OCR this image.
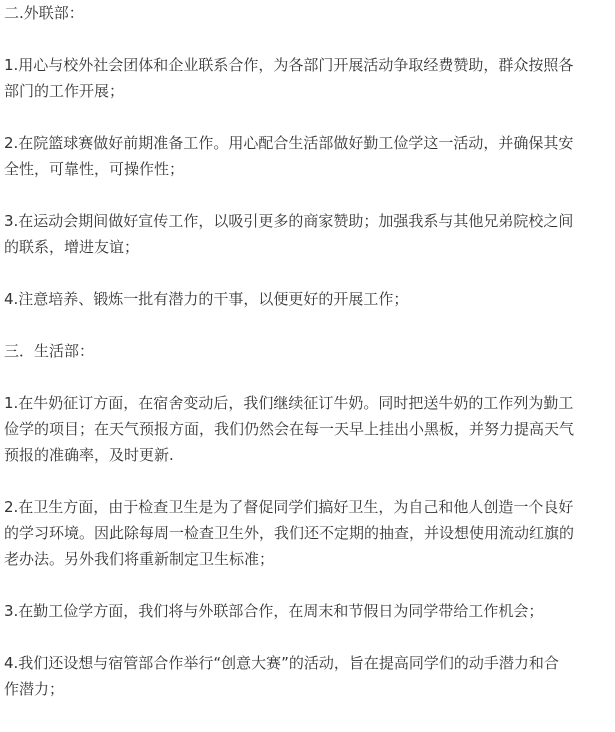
二.外联部：

1.用心与校外社会团体和企业联系合作，为各部门开展活动争取经费赞助，群众按照各

部门的工作开展；

2.在院篮球赛做好前期准备工作。用心配合生活部做好勤工俭学这一活动，并确保其安

全性，可靠性，可操作性；

3.在运动会期间做好宣传工作，以吸引更多的商家赞助；加强我系与其他兄弟院校之间

的联系，增进友谊；

4.注意培养、锻炼一批有潜力的干事，以便更好的开展工作；

三．生活部：

1.在牛奶征订方面，在宿舍变动后，我们继续征订牛奶。同时把送牛奶的工作列为勤工

俭学的项目；在天气预报方面，我们仍然会在每一天早上挂出小黑板，并努力提高天气

预报的准确率，及时更新.

2.在卫生方面，由于检查卫生是为了督促同学们搞好卫生，为自己和他人创造一个良好

的学习环境。因此除每周一检查卫生外，我们还不定期的抽查，并设想使用流动红旗的

老办法。另外我们将重新制定卫生标准；

3.在勤工俭学方面，我们将与外联部合作，在周末和节假日为同学带给工作机会；

4.我们还设想与宿管部合作举行“创意大赛”的活动，旨在提高同学们的动手潜力和合

作潜力；
